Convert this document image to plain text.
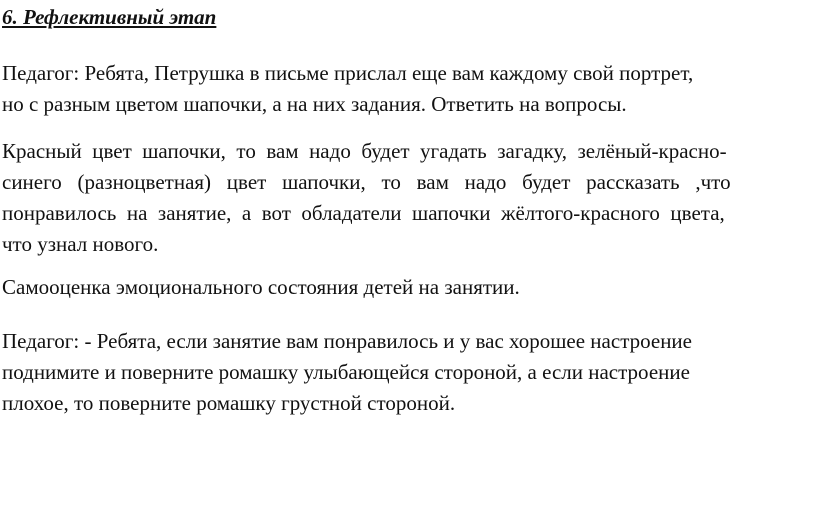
6. Рефлективный этап

Педагог: Ребята, Петрушка в письме прислал еще вам каждому свой портрет,
но с разным цветом шапочки, а на них задания. Ответить на вопросы.
Красный  цвет  шапочки,  то  вам  надо  будет  угадать  загадку,  зелёный-красно-
синего   (разноцветная)   цвет   шапочки,   то   вам   надо   будет   рассказать   ,что
понравилось  на  занятие,  а  вот  обладатели  шапочки  жёлтого-красного  цвета,
что узнал нового.
Самооценка эмоционального состояния детей на занятии.
Педагог: - Ребята, если занятие вам понравилось и у вас хорошее настроение
поднимите и поверните ромашку улыбающейся стороной, а если настроение
плохое, то поверните ромашку грустной стороной.
